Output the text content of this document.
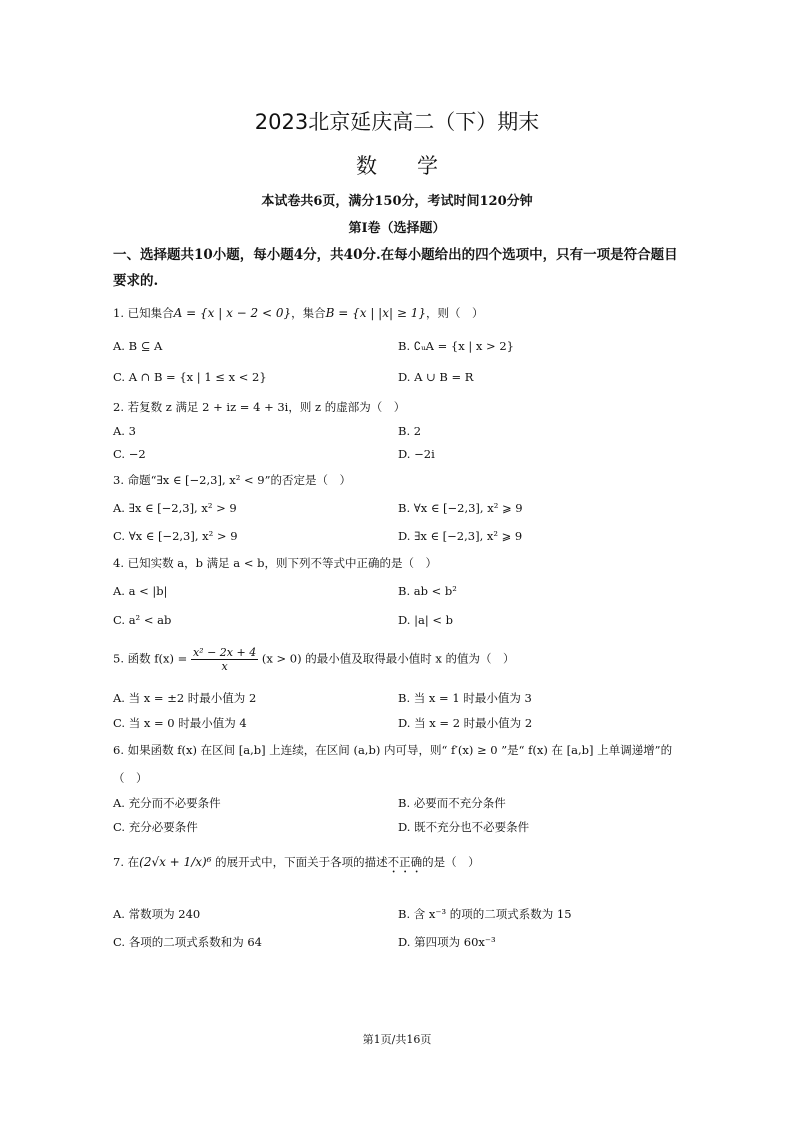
2023北京延庆高二（下）期末
数学
本试卷共6页，满分150分，考试时间120分钟
第Ⅰ卷（选择题）
一、选择题共10小题，每小题4分，共40分.在每小题给出的四个选项中，只有一项是符合题目要求的.
1. 已知集合A = {x | x − 2 < 0}，集合B = {x | |x| ≥ 1}，则（　）
A. B ⊆ A	B. ∁ᵤA = {x | x > 2}
C. A ∩ B = {x | 1 ≤ x < 2}	D. A ∪ B = R
2. 若复数 z 满足 2 + iz = 4 + 3i，则 z 的虚部为（　）
A. 3	B. 2
C. −2	D. −2i
3. 命题“∃x ∈ [−2,3], x² < 9”的否定是（　）
A. ∃x ∈ [−2,3], x² > 9	B. ∀x ∈ [−2,3], x² ⩾ 9
C. ∀x ∈ [−2,3], x² > 9	D. ∃x ∈ [−2,3], x² ⩾ 9
4. 已知实数 a，b 满足 a < b，则下列不等式中正确的是（　）
A. a < |b|	B. ab < b²
C. a² < ab	D. |a| < b
5. 函数 $f(x) = \frac{\text{x² − 2x + 4}}{x} (x > 0)$ 的最小值及取得最小值时 x 的值为（　）
A. 当 x = ±2 时最小值为 2	B. 当 x = 1 时最小值为 3
C. 当 x = 0 时最小值为 4	D. 当 x = 2 时最小值为 2
6. 如果函数 f(x) 在区间 [a,b] 上连续，在区间 (a,b) 内可导，则“ f′(x) ≥ 0 ”是“ f(x) 在 [a,b] 上单调递增”的
（　）
A. 充分而不必要条件	B. 必要而不充分条件
C. 充分必要条件	D. 既不充分也不必要条件
7. 在(2√x + 1/x)⁶ 的展开式中，下面关于各项的描述不正确的是（　）
A. 常数项为 240	B. 含 x⁻³ 的项的二项式系数为 15
C. 各项的二项式系数和为 64	D. 第四项为 60x⁻³
第1页/共16页
